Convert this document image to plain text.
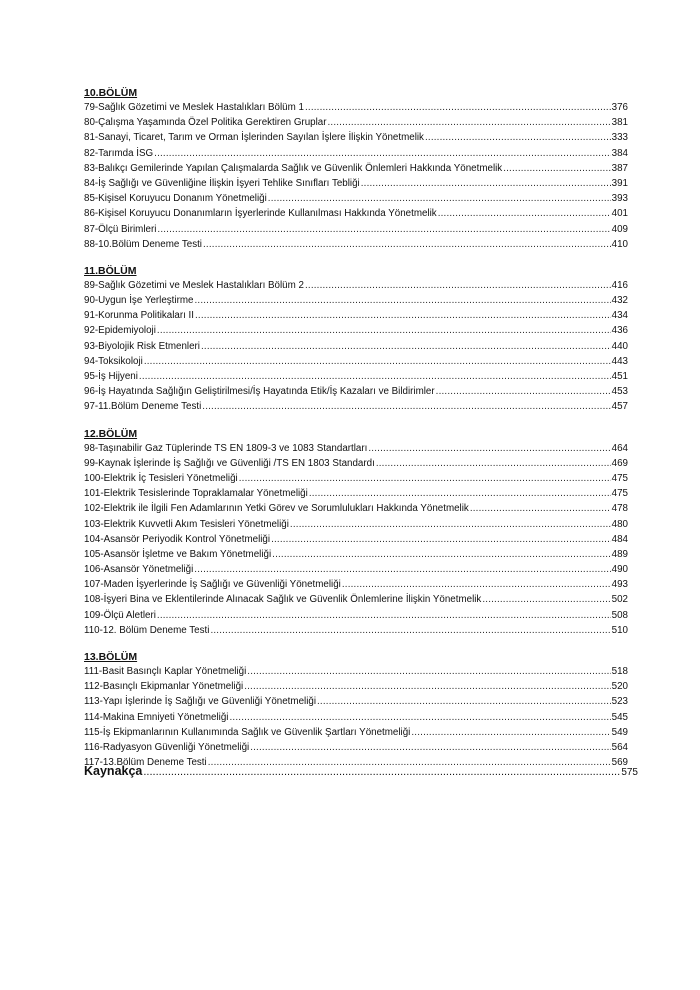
10.BÖLÜM
79-Sağlık Gözetimi ve Meslek Hastalıkları Bölüm 1 .....	376
80-Çalışma Yaşamında Özel Politika Gerektiren Gruplar .....	381
81-Sanayi, Ticaret, Tarım ve Orman İşlerinden Sayılan İşlere İlişkin Yönetmelik .....	333
82-Tarımda İSG .....	384
83-Balıkçı Gemilerinde Yapılan Çalışmalarda Sağlık ve Güvenlik Önlemleri Hakkında Yönetmelik .....	387
84-İş Sağlığı ve Güvenliğine İlişkin İşyeri Tehlike Sınıfları Tebliği .....	391
85-Kişisel Koruyucu Donanım Yönetmeliği .....	393
86-Kişisel Koruyucu Donanımların İşyerlerinde Kullanılması Hakkında Yönetmelik .....	401
87-Ölçü Birimleri .....	409
88-10.Bölüm Deneme Testi .....	410
11.BÖLÜM
89-Sağlık Gözetimi ve Meslek Hastalıkları Bölüm 2 .....	416
90-Uygun İşe Yerleştirme .....	432
91-Korunma Politikaları II .....	434
92-Epidemiyoloji .....	436
93-Biyolojik Risk Etmenleri .....	440
94-Toksikoloji .....	443
95-İş Hijyeni .....	451
96-İş Hayatında Sağlığın Geliştirilmesi/İş Hayatında Etik/İş Kazaları ve Bildirimler .....	453
97-11.Bölüm Deneme Testi .....	457
12.BÖLÜM
98-Taşınabilir Gaz Tüplerinde TS EN 1809-3 ve 1083 Standartları .....	464
99-Kaynak İşlerinde İş Sağlığı ve Güvenliği /TS EN 1803 Standardı .....	469
100-Elektrik İç Tesisleri Yönetmeliği .....	475
101-Elektrik Tesislerinde Topraklamalar Yönetmeliği .....	475
102-Elektrik ile İlgili Fen Adamlarının Yetki Görev ve Sorumlulukları Hakkında Yönetmelik .....	478
103-Elektrik Kuvvetli Akım Tesisleri Yönetmeliği .....	480
104-Asansör Periyodik Kontrol Yönetmeliği .....	484
105-Asansör İşletme ve Bakım Yönetmeliği .....	489
106-Asansör Yönetmeliği .....	490
107-Maden İşyerlerinde İş Sağlığı ve Güvenliği Yönetmeliği .....	493
108-İşyeri Bina ve Eklentilerinde Alınacak Sağlık ve Güvenlik Önlemlerine İlişkin Yönetmelik .....	502
109-Ölçü Aletleri .....	508
110-12. Bölüm Deneme Testi .....	510
13.BÖLÜM
111-Basit Basınçlı Kaplar Yönetmeliği .....	518
112-Basınçlı Ekipmanlar Yönetmeliği .....	520
113-Yapı İşlerinde İş Sağlığı ve Güvenliği Yönetmeliği .....	523
114-Makina Emniyeti Yönetmeliği .....	545
115-İş Ekipmanlarının Kullanımında Sağlık ve Güvenlik Şartları Yönetmeliği .....	549
116-Radyasyon Güvenliği Yönetmeliği .....	564
117-13.Bölüm Deneme Testi .....	569
Kaynakça .....	575
